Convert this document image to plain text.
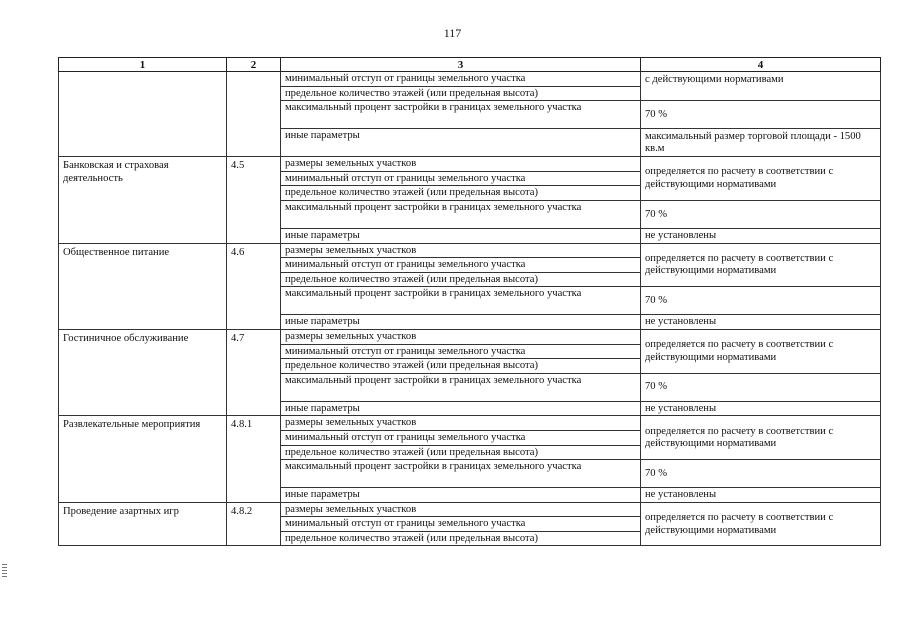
117
1	2	3	4
		минимальный отступ от границы земельного участка	с действующими нормативами
		предельное количество этажей (или предельная высота)	
		максимальный процент застройки в границах земельного участка	70 %
		иные параметры	максимальный размер торговой площади - 1500 кв.м
Банковская и страховая деятельность	4.5	размеры земельных участков	определяется по расчету в соответствии с действующими нормативами
		минимальный отступ от границы земельного участка	
		предельное количество этажей (или предельная высота)	
		максимальный процент застройки в границах земельного участка	70 %
		иные параметры	не установлены
Общественное питание	4.6	размеры земельных участков	определяется по расчету в соответствии с действующими нормативами
		минимальный отступ от границы земельного участка	
		предельное количество этажей (или предельная высота)	
		максимальный процент застройки в границах земельного участка	70 %
		иные параметры	не установлены
Гостиничное обслуживание	4.7	размеры земельных участков	определяется по расчету в соответствии с действующими нормативами
		минимальный отступ от границы земельного участка	
		предельное количество этажей (или предельная высота)	
		максимальный процент застройки в границах земельного участка	70 %
		иные параметры	не установлены
Развлекательные мероприятия	4.8.1	размеры земельных участков	определяется по расчету в соответствии с действующими нормативами
		минимальный отступ от границы земельного участка	
		предельное количество этажей (или предельная высота)	
		максимальный процент застройки в границах земельного участка	70 %
		иные параметры	не установлены
Проведение азартных игр	4.8.2	размеры земельных участков	определяется по расчету в соответствии с действующими нормативами
		минимальный отступ от границы земельного участка	
		предельное количество этажей (или предельная высота)	
